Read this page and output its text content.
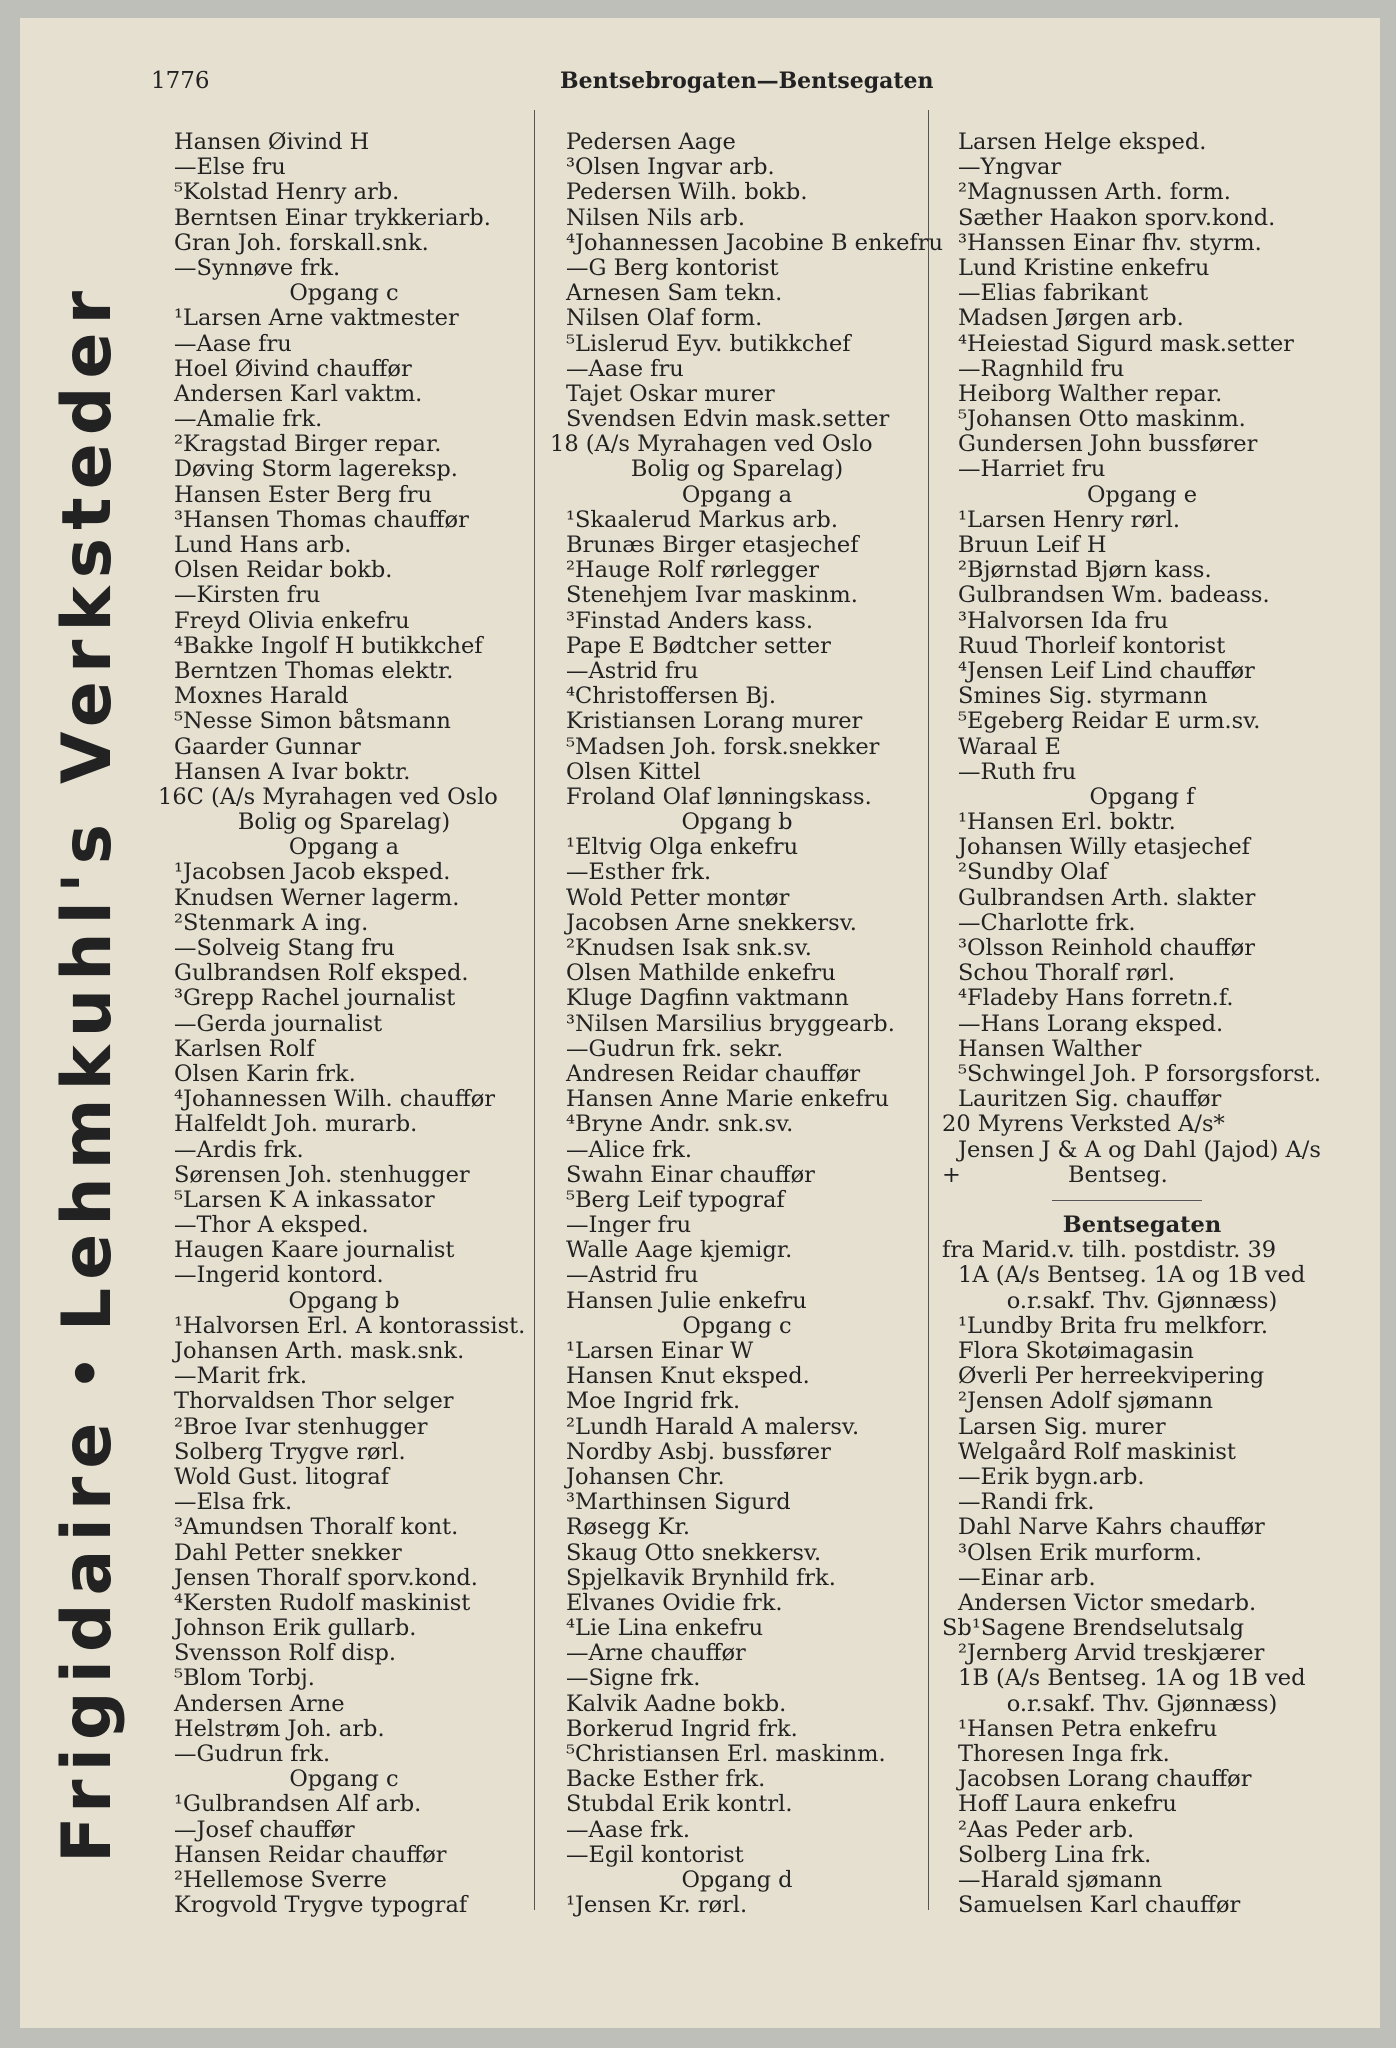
1776	Bentsebrogaten—Bentsegaten
Frigidaire • Lehmkuhl's Verksteder
Hansen Øivind H
—Else fru
⁵Kolstad Henry arb.
Berntsen Einar trykkeriarb.
Gran Joh. forskall.snk.
—Synnøve frk.
Opgang c
¹Larsen Arne vaktmester
—Aase fru
Hoel Øivind chauffør
Andersen Karl vaktm.
—Amalie frk.
²Kragstad Birger repar.
Døving Storm lagereksp.
Hansen Ester Berg fru
³Hansen Thomas chauffør
Lund Hans arb.
Olsen Reidar bokb.
—Kirsten fru
Freyd Olivia enkefru
⁴Bakke Ingolf H butikkchef
Berntzen Thomas elektr.
Moxnes Harald
⁵Nesse Simon båtsmann
Gaarder Gunnar
Hansen A Ivar boktr.
16C (A/s Myrahagen ved Oslo
Bolig og Sparelag)
Opgang a
¹Jacobsen Jacob eksped.
Knudsen Werner lagerm.
²Stenmark A ing.
—Solveig Stang fru
Gulbrandsen Rolf eksped.
³Grepp Rachel journalist
—Gerda journalist
Karlsen Rolf
Olsen Karin frk.
⁴Johannessen Wilh. chauffør
Halfeldt Joh. murarb.
—Ardis frk.
Sørensen Joh. stenhugger
⁵Larsen K A inkassator
—Thor A eksped.
Haugen Kaare journalist
—Ingerid kontord.
Opgang b
¹Halvorsen Erl. A kontorassist.
Johansen Arth. mask.snk.
—Marit frk.
Thorvaldsen Thor selger
²Broe Ivar stenhugger
Solberg Trygve rørl.
Wold Gust. litograf
—Elsa frk.
³Amundsen Thoralf kont.
Dahl Petter snekker
Jensen Thoralf sporv.kond.
⁴Kersten Rudolf maskinist
Johnson Erik gullarb.
Svensson Rolf disp.
⁵Blom Torbj.
Andersen Arne
Helstrøm Joh. arb.
—Gudrun frk.
Opgang c
¹Gulbrandsen Alf arb.
—Josef chauffør
Hansen Reidar chauffør
²Hellemose Sverre
Krogvold Trygve typograf
Pedersen Aage
³Olsen Ingvar arb.
Pedersen Wilh. bokb.
Nilsen Nils arb.
⁴Johannessen Jacobine B enkefru
—G Berg kontorist
Arnesen Sam tekn.
Nilsen Olaf form.
⁵Lislerud Eyv. butikkchef
—Aase fru
Tajet Oskar murer
Svendsen Edvin mask.setter
18 (A/s Myrahagen ved Oslo
Bolig og Sparelag)
Opgang a
¹Skaalerud Markus arb.
Brunæs Birger etasjechef
²Hauge Rolf rørlegger
Stenehjem Ivar maskinm.
³Finstad Anders kass.
Pape E Bødtcher setter
—Astrid fru
⁴Christoffersen Bj.
Kristiansen Lorang murer
⁵Madsen Joh. forsk.snekker
Olsen Kittel
Froland Olaf lønningskass.
Opgang b
¹Eltvig Olga enkefru
—Esther frk.
Wold Petter montør
Jacobsen Arne snekkersv.
²Knudsen Isak snk.sv.
Olsen Mathilde enkefru
Kluge Dagfinn vaktmann
³Nilsen Marsilius bryggearb.
—Gudrun frk. sekr.
Andresen Reidar chauffør
Hansen Anne Marie enkefru
⁴Bryne Andr. snk.sv.
—Alice frk.
Swahn Einar chauffør
⁵Berg Leif typograf
—Inger fru
Walle Aage kjemigr.
—Astrid fru
Hansen Julie enkefru
Opgang c
¹Larsen Einar W
Hansen Knut eksped.
Moe Ingrid frk.
²Lundh Harald A malersv.
Nordby Asbj. bussfører
Johansen Chr.
³Marthinsen Sigurd
Røsegg Kr.
Skaug Otto snekkersv.
Spjelkavik Brynhild frk.
Elvanes Ovidie frk.
⁴Lie Lina enkefru
—Arne chauffør
—Signe frk.
Kalvik Aadne bokb.
Borkerud Ingrid frk.
⁵Christiansen Erl. maskinm.
Backe Esther frk.
Stubdal Erik kontrl.
—Aase frk.
—Egil kontorist
Opgang d
¹Jensen Kr. rørl.
Larsen Helge eksped.
—Yngvar
²Magnussen Arth. form.
Sæther Haakon sporv.kond.
³Hanssen Einar fhv. styrm.
Lund Kristine enkefru
—Elias fabrikant
Madsen Jørgen arb.
⁴Heiestad Sigurd mask.setter
—Ragnhild fru
Heiborg Walther repar.
⁵Johansen Otto maskinm.
Gundersen John bussfører
—Harriet fru
Opgang e
¹Larsen Henry rørl.
Bruun Leif H
²Bjørnstad Bjørn kass.
Gulbrandsen Wm. badeass.
³Halvorsen Ida fru
Ruud Thorleif kontorist
⁴Jensen Leif Lind chauffør
Smines Sig. styrmann
⁵Egeberg Reidar E urm.sv.
Waraal E
—Ruth fru
Opgang f
¹Hansen Erl. boktr.
Johansen Willy etasjechef
²Sundby Olaf
Gulbrandsen Arth. slakter
—Charlotte frk.
³Olsson Reinhold chauffør
Schou Thoralf rørl.
⁴Fladeby Hans forretn.f.
—Hans Lorang eksped.
Hansen Walther
⁵Schwingel Joh. P forsorgsforst.
Lauritzen Sig. chauffør
20 Myrens Verksted A/s*
Jensen J & A og Dahl (Jajod) A/s
+ Bentseg.
Bentsegaten
fra Marid.v. tilh. postdistr. 39
1A (A/s Bentseg. 1A og 1B ved
o.r.sakf. Thv. Gjønnæss)
¹Lundby Brita fru melkforr.
Flora Skotøimagasin
Øverli Per herreekvipering
²Jensen Adolf sjømann
Larsen Sig. murer
Welgaård Rolf maskinist
—Erik bygn.arb.
—Randi frk.
Dahl Narve Kahrs chauffør
³Olsen Erik murform.
—Einar arb.
Andersen Victor smedarb.
Sb¹Sagene Brendselutsalg
²Jernberg Arvid treskjærer
1B (A/s Bentseg. 1A og 1B ved
o.r.sakf. Thv. Gjønnæss)
¹Hansen Petra enkefru
Thoresen Inga frk.
Jacobsen Lorang chauffør
Hoff Laura enkefru
²Aas Peder arb.
Solberg Lina frk.
—Harald sjømann
Samuelsen Karl chauffør
